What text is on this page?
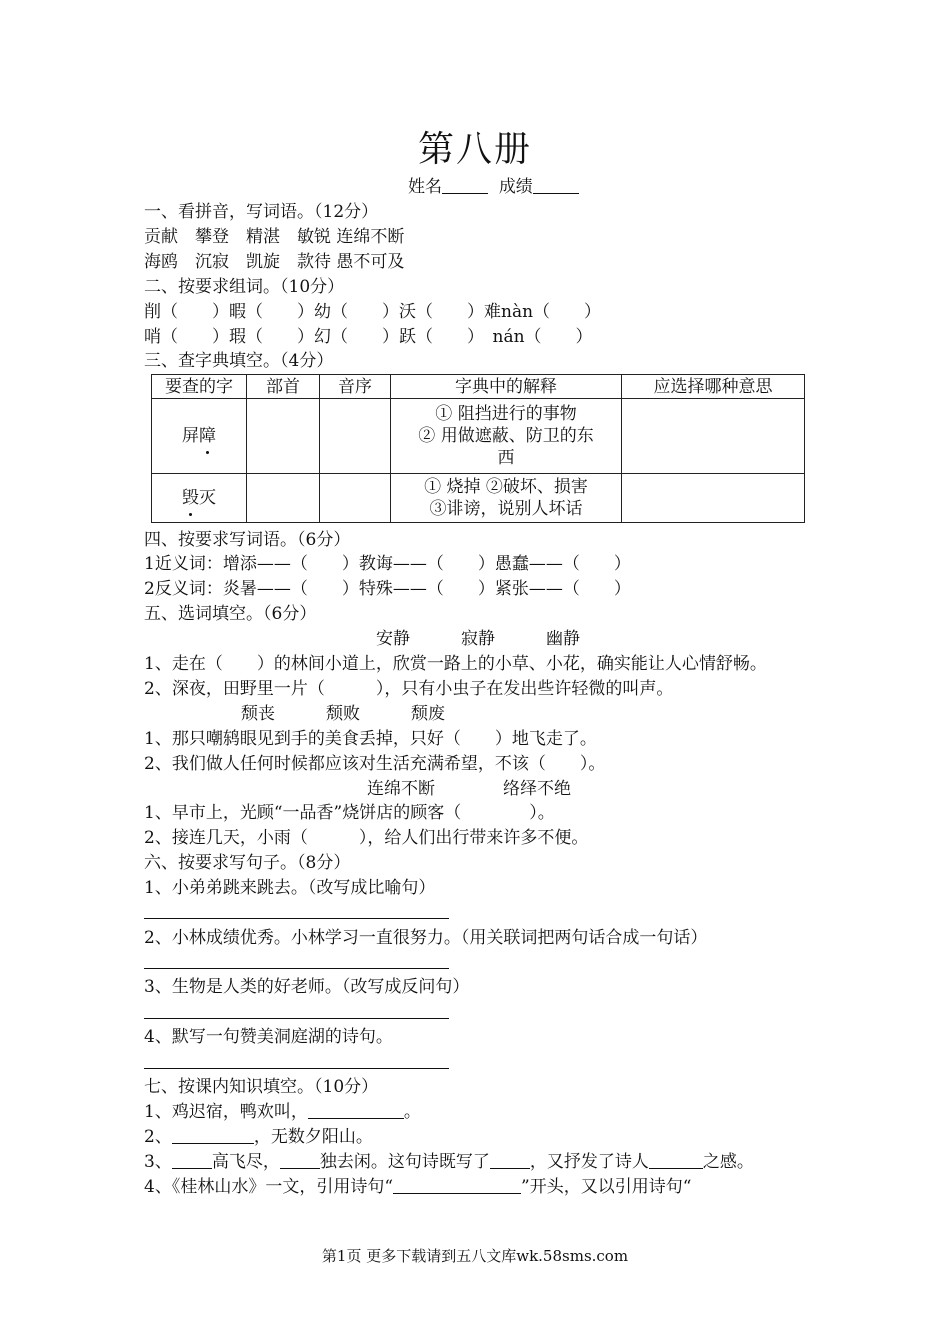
第八册
姓名	成绩
一、看拼音，写词语。（12分）
贡献　攀登　精湛　敏锐 连绵不断
海鸥　沉寂　凯旋　款待 愚不可及
二、按要求组词。（10分）
削（　　）暇（　　）幼（　　）沃（　　）难nàn（　　）
哨（　　）瑕（　　）幻（　　）跃（　　）　nán（　　）
三、查字典填空。（4分）
要查的字	部首	音序	字典中的解释	应选择哪种意思
屏障			① 阻挡进行的事物
② 用做遮蔽、防卫的东
西	

毁灭			① 烧掉 ②破坏、损害
③诽谤，说别人坏话	

四、按要求写词语。（6分）
1近义词：增添——（　　）教诲——（　　）愚蠢——（　　）
2反义词：炎暑——（　　）特殊——（　　）紧张——（　　）
五、选词填空。（6分）
安静　　　寂静　　　幽静
1、走在（　　）的林间小道上，欣赏一路上的小草、小花，确实能让人心情舒畅。
2、深夜，田野里一片（　　　），只有小虫子在发出些许轻微的叫声。
颓丧　　　颓败　　　颓废
1、那只嘲鸫眼见到手的美食丢掉，只好（　　）地飞走了。
2、我们做人任何时候都应该对生活充满希望，不该（　　）。
连绵不断　　　　络绎不绝
1、早市上，光顾“一品香”烧饼店的顾客（　　　　）。
2、接连几天，小雨（　　　），给人们出行带来许多不便。
六、按要求写句子。（8分）
1、小弟弟跳来跳去。（改写成比喻句）
2、小林成绩优秀。小林学习一直很努力。（用关联词把两句话合成一句话）
3、生物是人类的好老师。（改写成反问句）
4、默写一句赞美洞庭湖的诗句。
七、按课内知识填空。（10分）
1、鸡迟宿，鸭欢叫，	。
2、	，无数夕阳山。
3、 高飞尽， 独去闲。这句诗既写了 ，又抒发了诗人	之感。
4、《桂林山水》一文，引用诗句“	”开头，又以引用诗句“
第1页 更多下载请到五八文库wk.58sms.com
